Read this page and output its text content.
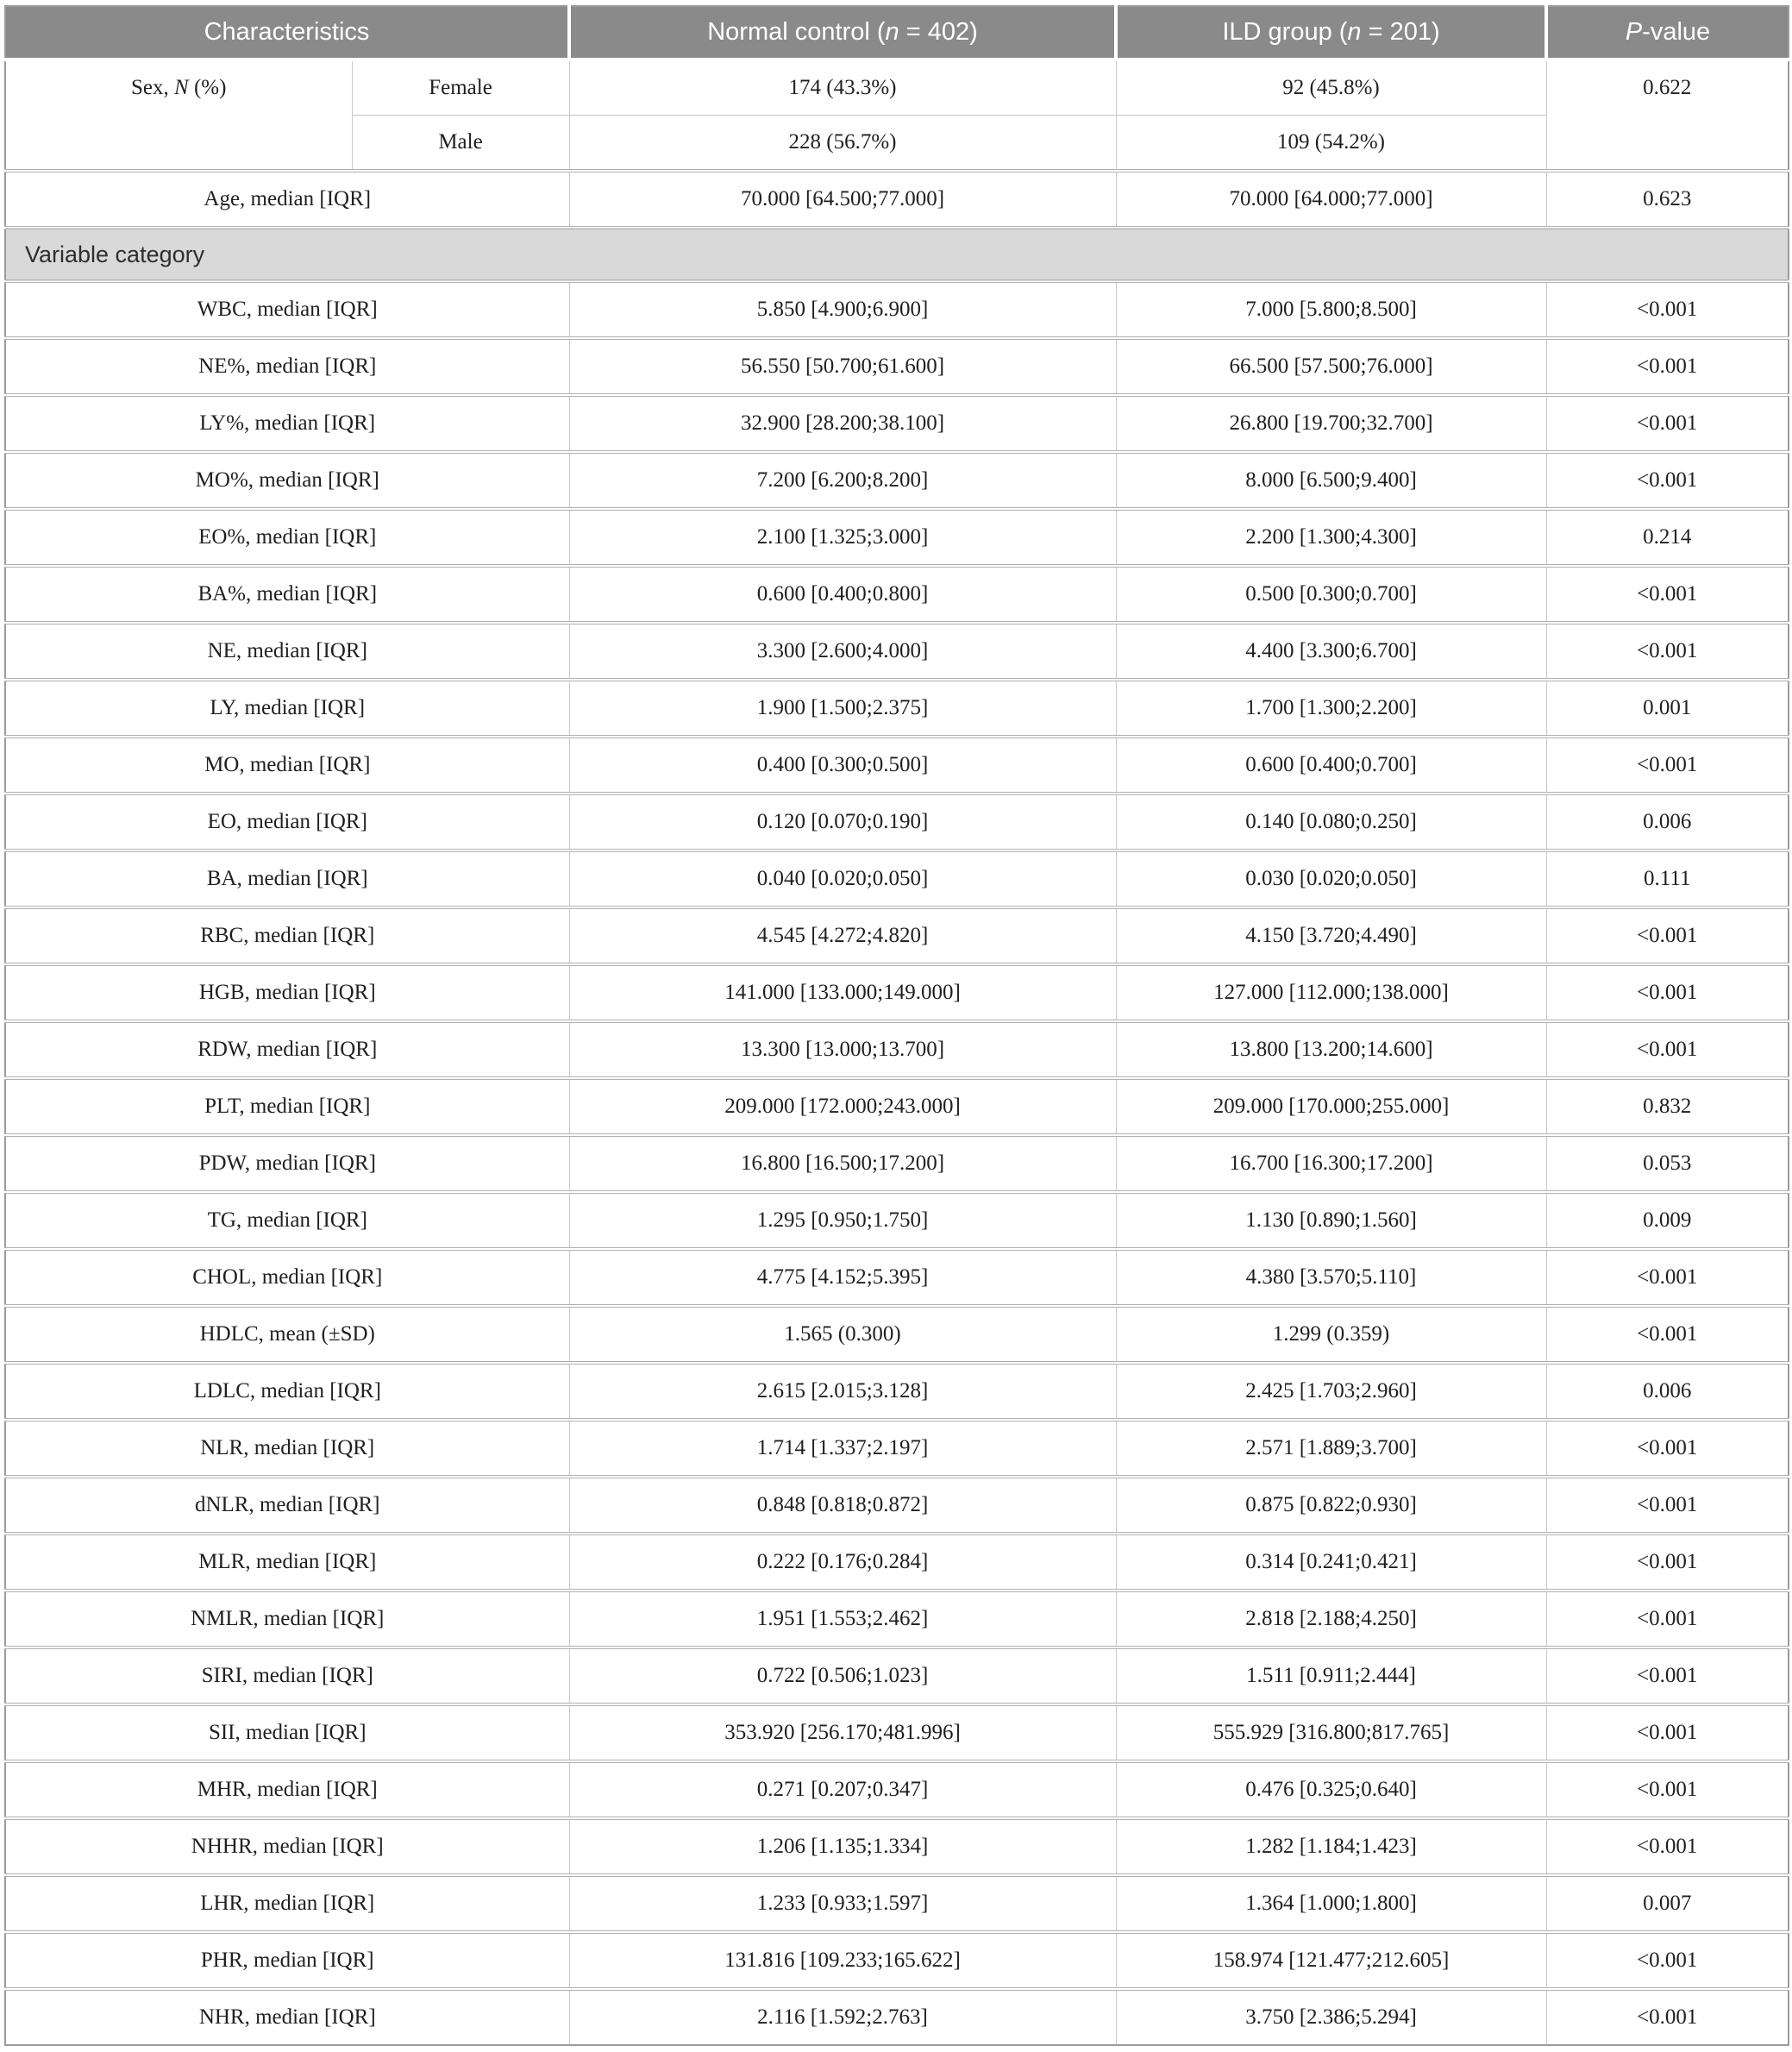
Characteristics		Normal control (n = 402)	ILD group (n = 201)	P-value
Sex, N (%)	Female	174 (43.3%)	92 (45.8%)	0.622
	Male	228 (56.7%)	109 (54.2%)	
Age, median [IQR]		70.000 [64.500;77.000]	70.000 [64.000;77.000]	0.623
Variable category				
WBC, median [IQR]		5.850 [4.900;6.900]	7.000 [5.800;8.500]	<0.001
NE%, median [IQR]		56.550 [50.700;61.600]	66.500 [57.500;76.000]	<0.001
LY%, median [IQR]		32.900 [28.200;38.100]	26.800 [19.700;32.700]	<0.001
MO%, median [IQR]		7.200 [6.200;8.200]	8.000 [6.500;9.400]	<0.001
EO%, median [IQR]		2.100 [1.325;3.000]	2.200 [1.300;4.300]	0.214
BA%, median [IQR]		0.600 [0.400;0.800]	0.500 [0.300;0.700]	<0.001
NE, median [IQR]		3.300 [2.600;4.000]	4.400 [3.300;6.700]	<0.001
LY, median [IQR]		1.900 [1.500;2.375]	1.700 [1.300;2.200]	0.001
MO, median [IQR]		0.400 [0.300;0.500]	0.600 [0.400;0.700]	<0.001
EO, median [IQR]		0.120 [0.070;0.190]	0.140 [0.080;0.250]	0.006
BA, median [IQR]		0.040 [0.020;0.050]	0.030 [0.020;0.050]	0.111
RBC, median [IQR]		4.545 [4.272;4.820]	4.150 [3.720;4.490]	<0.001
HGB, median [IQR]		141.000 [133.000;149.000]	127.000 [112.000;138.000]	<0.001
RDW, median [IQR]		13.300 [13.000;13.700]	13.800 [13.200;14.600]	<0.001
PLT, median [IQR]		209.000 [172.000;243.000]	209.000 [170.000;255.000]	0.832
PDW, median [IQR]		16.800 [16.500;17.200]	16.700 [16.300;17.200]	0.053
TG, median [IQR]		1.295 [0.950;1.750]	1.130 [0.890;1.560]	0.009
CHOL, median [IQR]		4.775 [4.152;5.395]	4.380 [3.570;5.110]	<0.001
HDLC, mean (±SD)		1.565 (0.300)	1.299 (0.359)	<0.001
LDLC, median [IQR]		2.615 [2.015;3.128]	2.425 [1.703;2.960]	0.006
NLR, median [IQR]		1.714 [1.337;2.197]	2.571 [1.889;3.700]	<0.001
dNLR, median [IQR]		0.848 [0.818;0.872]	0.875 [0.822;0.930]	<0.001
MLR, median [IQR]		0.222 [0.176;0.284]	0.314 [0.241;0.421]	<0.001
NMLR, median [IQR]		1.951 [1.553;2.462]	2.818 [2.188;4.250]	<0.001
SIRI, median [IQR]		0.722 [0.506;1.023]	1.511 [0.911;2.444]	<0.001
SII, median [IQR]		353.920 [256.170;481.996]	555.929 [316.800;817.765]	<0.001
MHR, median [IQR]		0.271 [0.207;0.347]	0.476 [0.325;0.640]	<0.001
NHHR, median [IQR]		1.206 [1.135;1.334]	1.282 [1.184;1.423]	<0.001
LHR, median [IQR]		1.233 [0.933;1.597]	1.364 [1.000;1.800]	0.007
PHR, median [IQR]		131.816 [109.233;165.622]	158.974 [121.477;212.605]	<0.001
NHR, median [IQR]		2.116 [1.592;2.763]	3.750 [2.386;5.294]	<0.001
